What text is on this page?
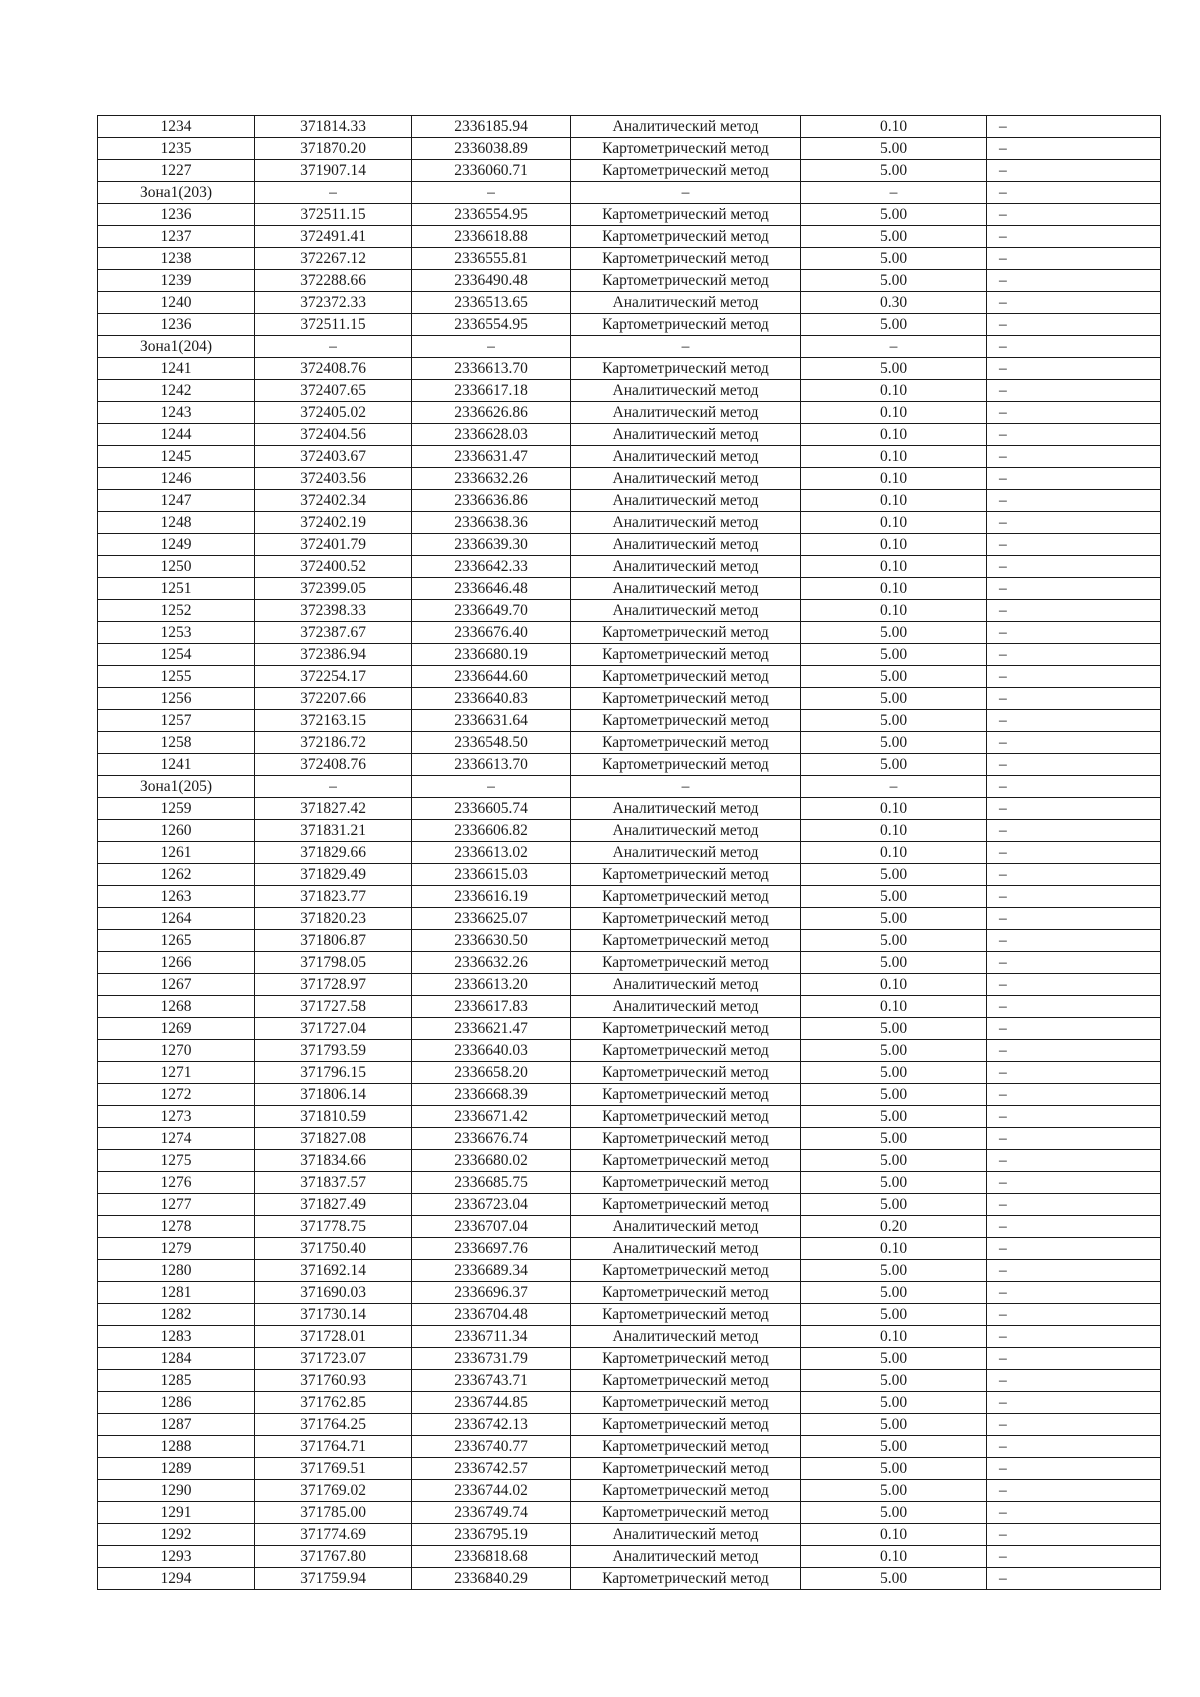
1234	371814.33	2336185.94	Аналитический метод	0.10	–
1235	371870.20	2336038.89	Картометрический метод	5.00	–
1227	371907.14	2336060.71	Картометрический метод	5.00	–
Зона1(203)	–	–	–	–	–
1236	372511.15	2336554.95	Картометрический метод	5.00	–
1237	372491.41	2336618.88	Картометрический метод	5.00	–
1238	372267.12	2336555.81	Картометрический метод	5.00	–
1239	372288.66	2336490.48	Картометрический метод	5.00	–
1240	372372.33	2336513.65	Аналитический метод	0.30	–
1236	372511.15	2336554.95	Картометрический метод	5.00	–
Зона1(204)	–	–	–	–	–
1241	372408.76	2336613.70	Картометрический метод	5.00	–
1242	372407.65	2336617.18	Аналитический метод	0.10	–
1243	372405.02	2336626.86	Аналитический метод	0.10	–
1244	372404.56	2336628.03	Аналитический метод	0.10	–
1245	372403.67	2336631.47	Аналитический метод	0.10	–
1246	372403.56	2336632.26	Аналитический метод	0.10	–
1247	372402.34	2336636.86	Аналитический метод	0.10	–
1248	372402.19	2336638.36	Аналитический метод	0.10	–
1249	372401.79	2336639.30	Аналитический метод	0.10	–
1250	372400.52	2336642.33	Аналитический метод	0.10	–
1251	372399.05	2336646.48	Аналитический метод	0.10	–
1252	372398.33	2336649.70	Аналитический метод	0.10	–
1253	372387.67	2336676.40	Картометрический метод	5.00	–
1254	372386.94	2336680.19	Картометрический метод	5.00	–
1255	372254.17	2336644.60	Картометрический метод	5.00	–
1256	372207.66	2336640.83	Картометрический метод	5.00	–
1257	372163.15	2336631.64	Картометрический метод	5.00	–
1258	372186.72	2336548.50	Картометрический метод	5.00	–
1241	372408.76	2336613.70	Картометрический метод	5.00	–
Зона1(205)	–	–	–	–	–
1259	371827.42	2336605.74	Аналитический метод	0.10	–
1260	371831.21	2336606.82	Аналитический метод	0.10	–
1261	371829.66	2336613.02	Аналитический метод	0.10	–
1262	371829.49	2336615.03	Картометрический метод	5.00	–
1263	371823.77	2336616.19	Картометрический метод	5.00	–
1264	371820.23	2336625.07	Картометрический метод	5.00	–
1265	371806.87	2336630.50	Картометрический метод	5.00	–
1266	371798.05	2336632.26	Картометрический метод	5.00	–
1267	371728.97	2336613.20	Аналитический метод	0.10	–
1268	371727.58	2336617.83	Аналитический метод	0.10	–
1269	371727.04	2336621.47	Картометрический метод	5.00	–
1270	371793.59	2336640.03	Картометрический метод	5.00	–
1271	371796.15	2336658.20	Картометрический метод	5.00	–
1272	371806.14	2336668.39	Картометрический метод	5.00	–
1273	371810.59	2336671.42	Картометрический метод	5.00	–
1274	371827.08	2336676.74	Картометрический метод	5.00	–
1275	371834.66	2336680.02	Картометрический метод	5.00	–
1276	371837.57	2336685.75	Картометрический метод	5.00	–
1277	371827.49	2336723.04	Картометрический метод	5.00	–
1278	371778.75	2336707.04	Аналитический метод	0.20	–
1279	371750.40	2336697.76	Аналитический метод	0.10	–
1280	371692.14	2336689.34	Картометрический метод	5.00	–
1281	371690.03	2336696.37	Картометрический метод	5.00	–
1282	371730.14	2336704.48	Картометрический метод	5.00	–
1283	371728.01	2336711.34	Аналитический метод	0.10	–
1284	371723.07	2336731.79	Картометрический метод	5.00	–
1285	371760.93	2336743.71	Картометрический метод	5.00	–
1286	371762.85	2336744.85	Картометрический метод	5.00	–
1287	371764.25	2336742.13	Картометрический метод	5.00	–
1288	371764.71	2336740.77	Картометрический метод	5.00	–
1289	371769.51	2336742.57	Картометрический метод	5.00	–
1290	371769.02	2336744.02	Картометрический метод	5.00	–
1291	371785.00	2336749.74	Картометрический метод	5.00	–
1292	371774.69	2336795.19	Аналитический метод	0.10	–
1293	371767.80	2336818.68	Аналитический метод	0.10	–
1294	371759.94	2336840.29	Картометрический метод	5.00	–
